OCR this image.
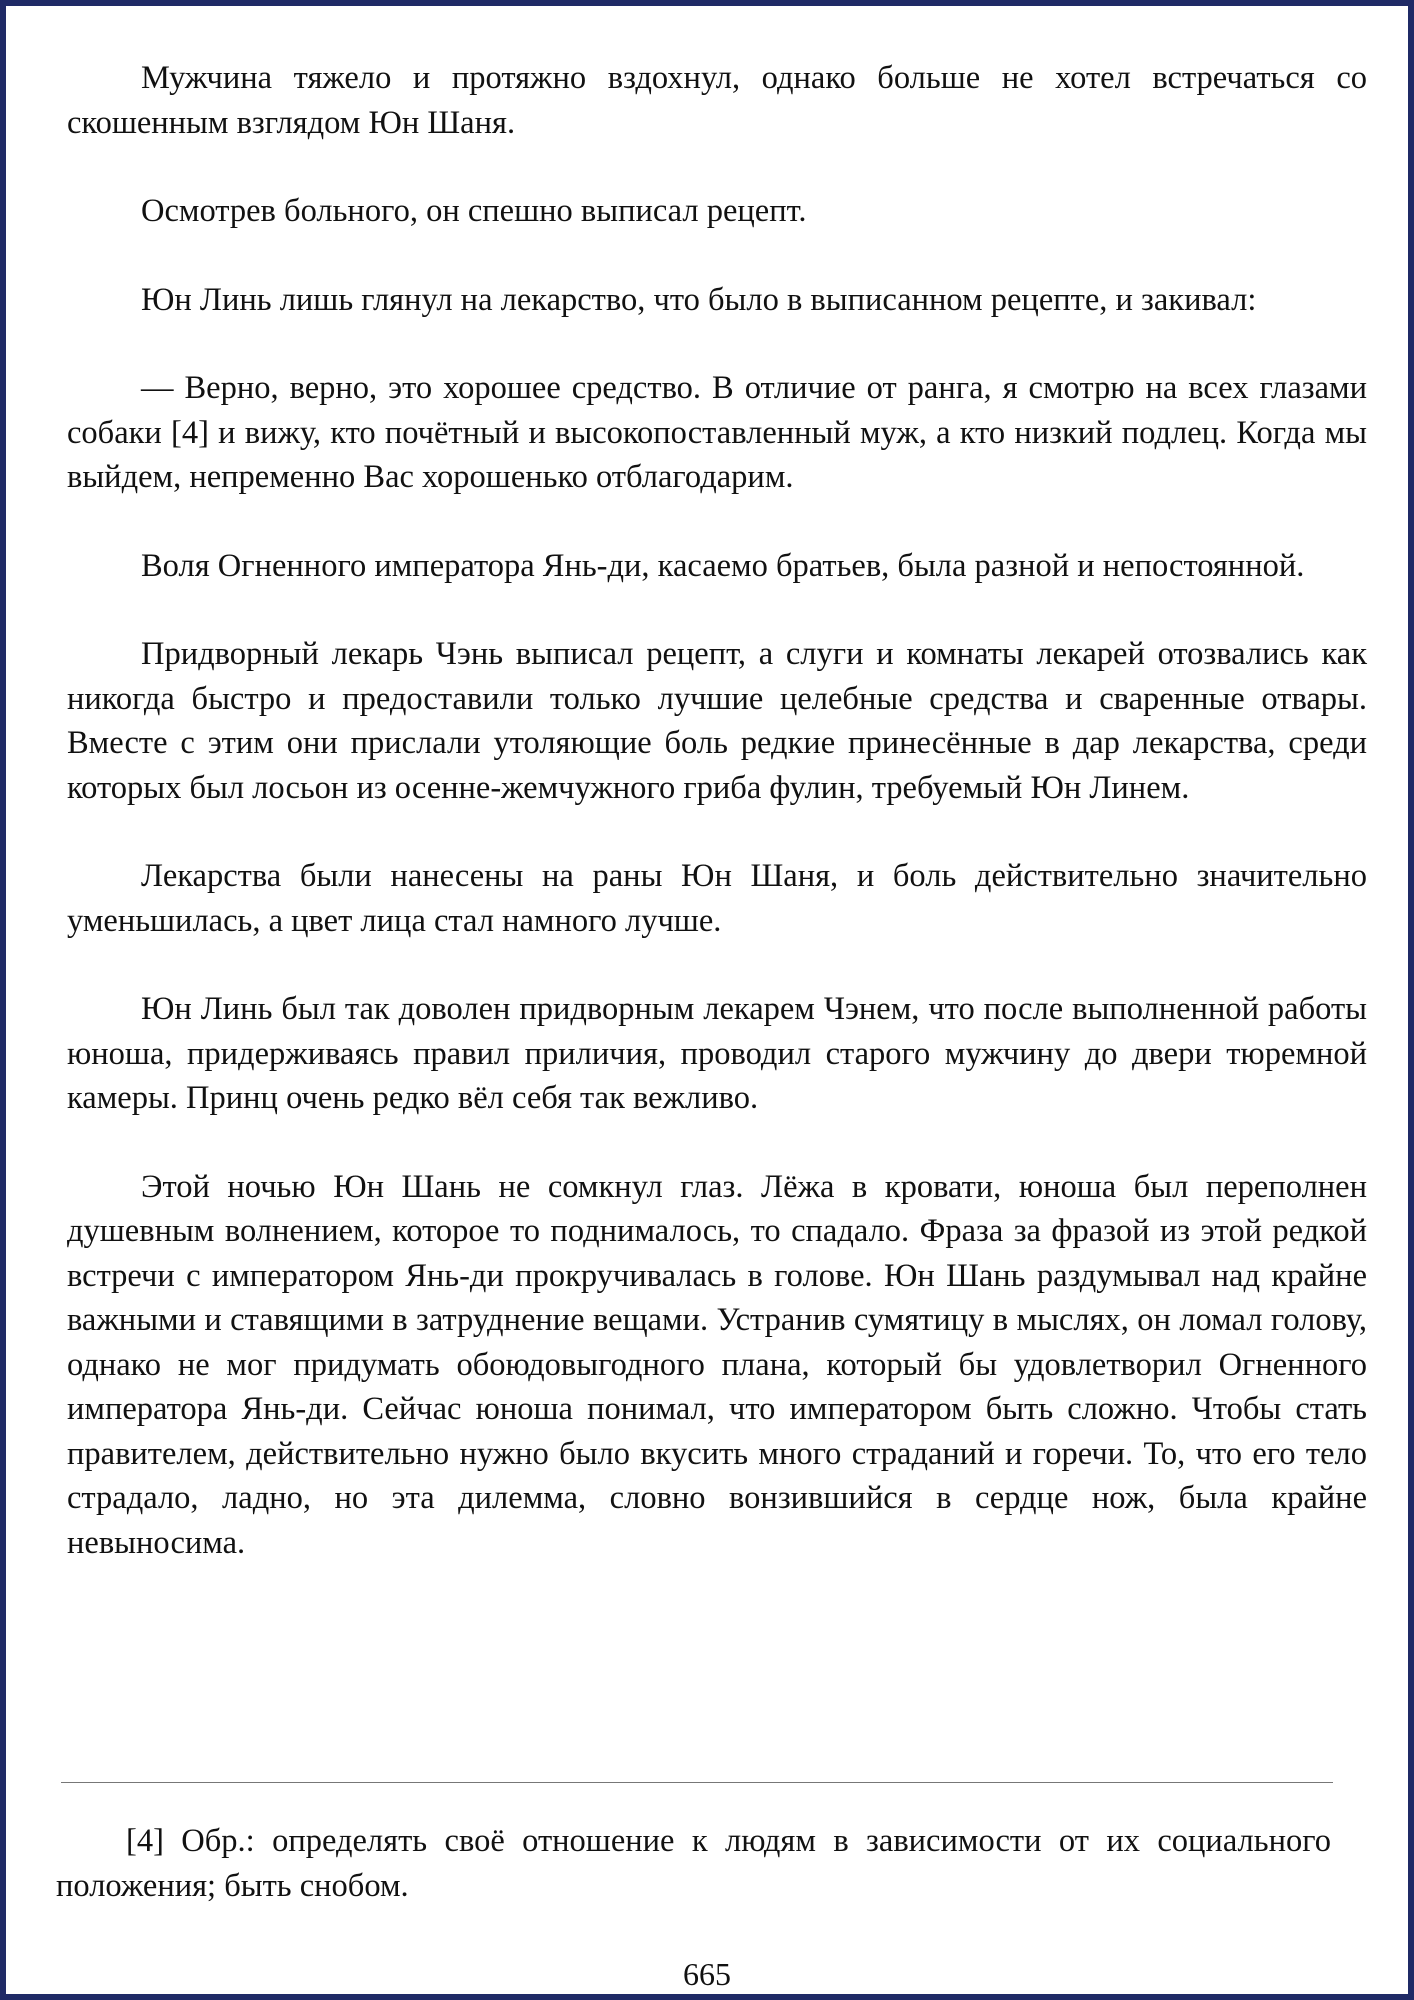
Мужчина тяжело и протяжно вздохнул, однако больше не хотел встречаться со скошенным взглядом Юн Шаня.

Осмотрев больного, он спешно выписал рецепт.

Юн Линь лишь глянул на лекарство, что было в выписанном рецепте, и закивал:

— Верно, верно, это хорошее средство. В отличие от ранга, я смотрю на всех глазами собаки [4] и вижу, кто почётный и высокопоставленный муж, а кто низкий подлец. Когда мы выйдем, непременно Вас хорошенько отблагодарим.

Воля Огненного императора Янь-ди, касаемо братьев, была разной и непостоянной.

Придворный лекарь Чэнь выписал рецепт, а слуги и комнаты лекарей отозвались как никогда быстро и предоставили только лучшие целебные средства и сваренные отвары. Вместе с этим они прислали утоляющие боль редкие принесённые в дар лекарства, среди которых был лосьон из осенне-жемчужного гриба фулин, требуемый Юн Линем.

Лекарства были нанесены на раны Юн Шаня, и боль действительно значительно уменьшилась, а цвет лица стал намного лучше.

Юн Линь был так доволен придворным лекарем Чэнем, что после выполненной работы юноша, придерживаясь правил приличия, проводил старого мужчину до двери тюремной камеры. Принц очень редко вёл себя так вежливо.

Этой ночью Юн Шань не сомкнул глаз. Лёжа в кровати, юноша был переполнен душевным волнением, которое то поднималось, то спадало. Фраза за фразой из этой редкой встречи с императором Янь-ди прокручивалась в голове. Юн Шань раздумывал над крайне важными и ставящими в затруднение вещами. Устранив сумятицу в мыслях, он ломал голову, однако не мог придумать обоюдовыгодного плана, который бы удовлетворил Огненного императора Янь-ди. Сейчас юноша понимал, что императором быть сложно. Чтобы стать правителем, действительно нужно было вкусить много страданий и горечи. То, что его тело страдало, ладно, но эта дилемма, словно вонзившийся в сердце нож, была крайне невыносима.

[4] Обр.: определять своё отношение к людям в зависимости от их социального положения; быть снобом.

665
